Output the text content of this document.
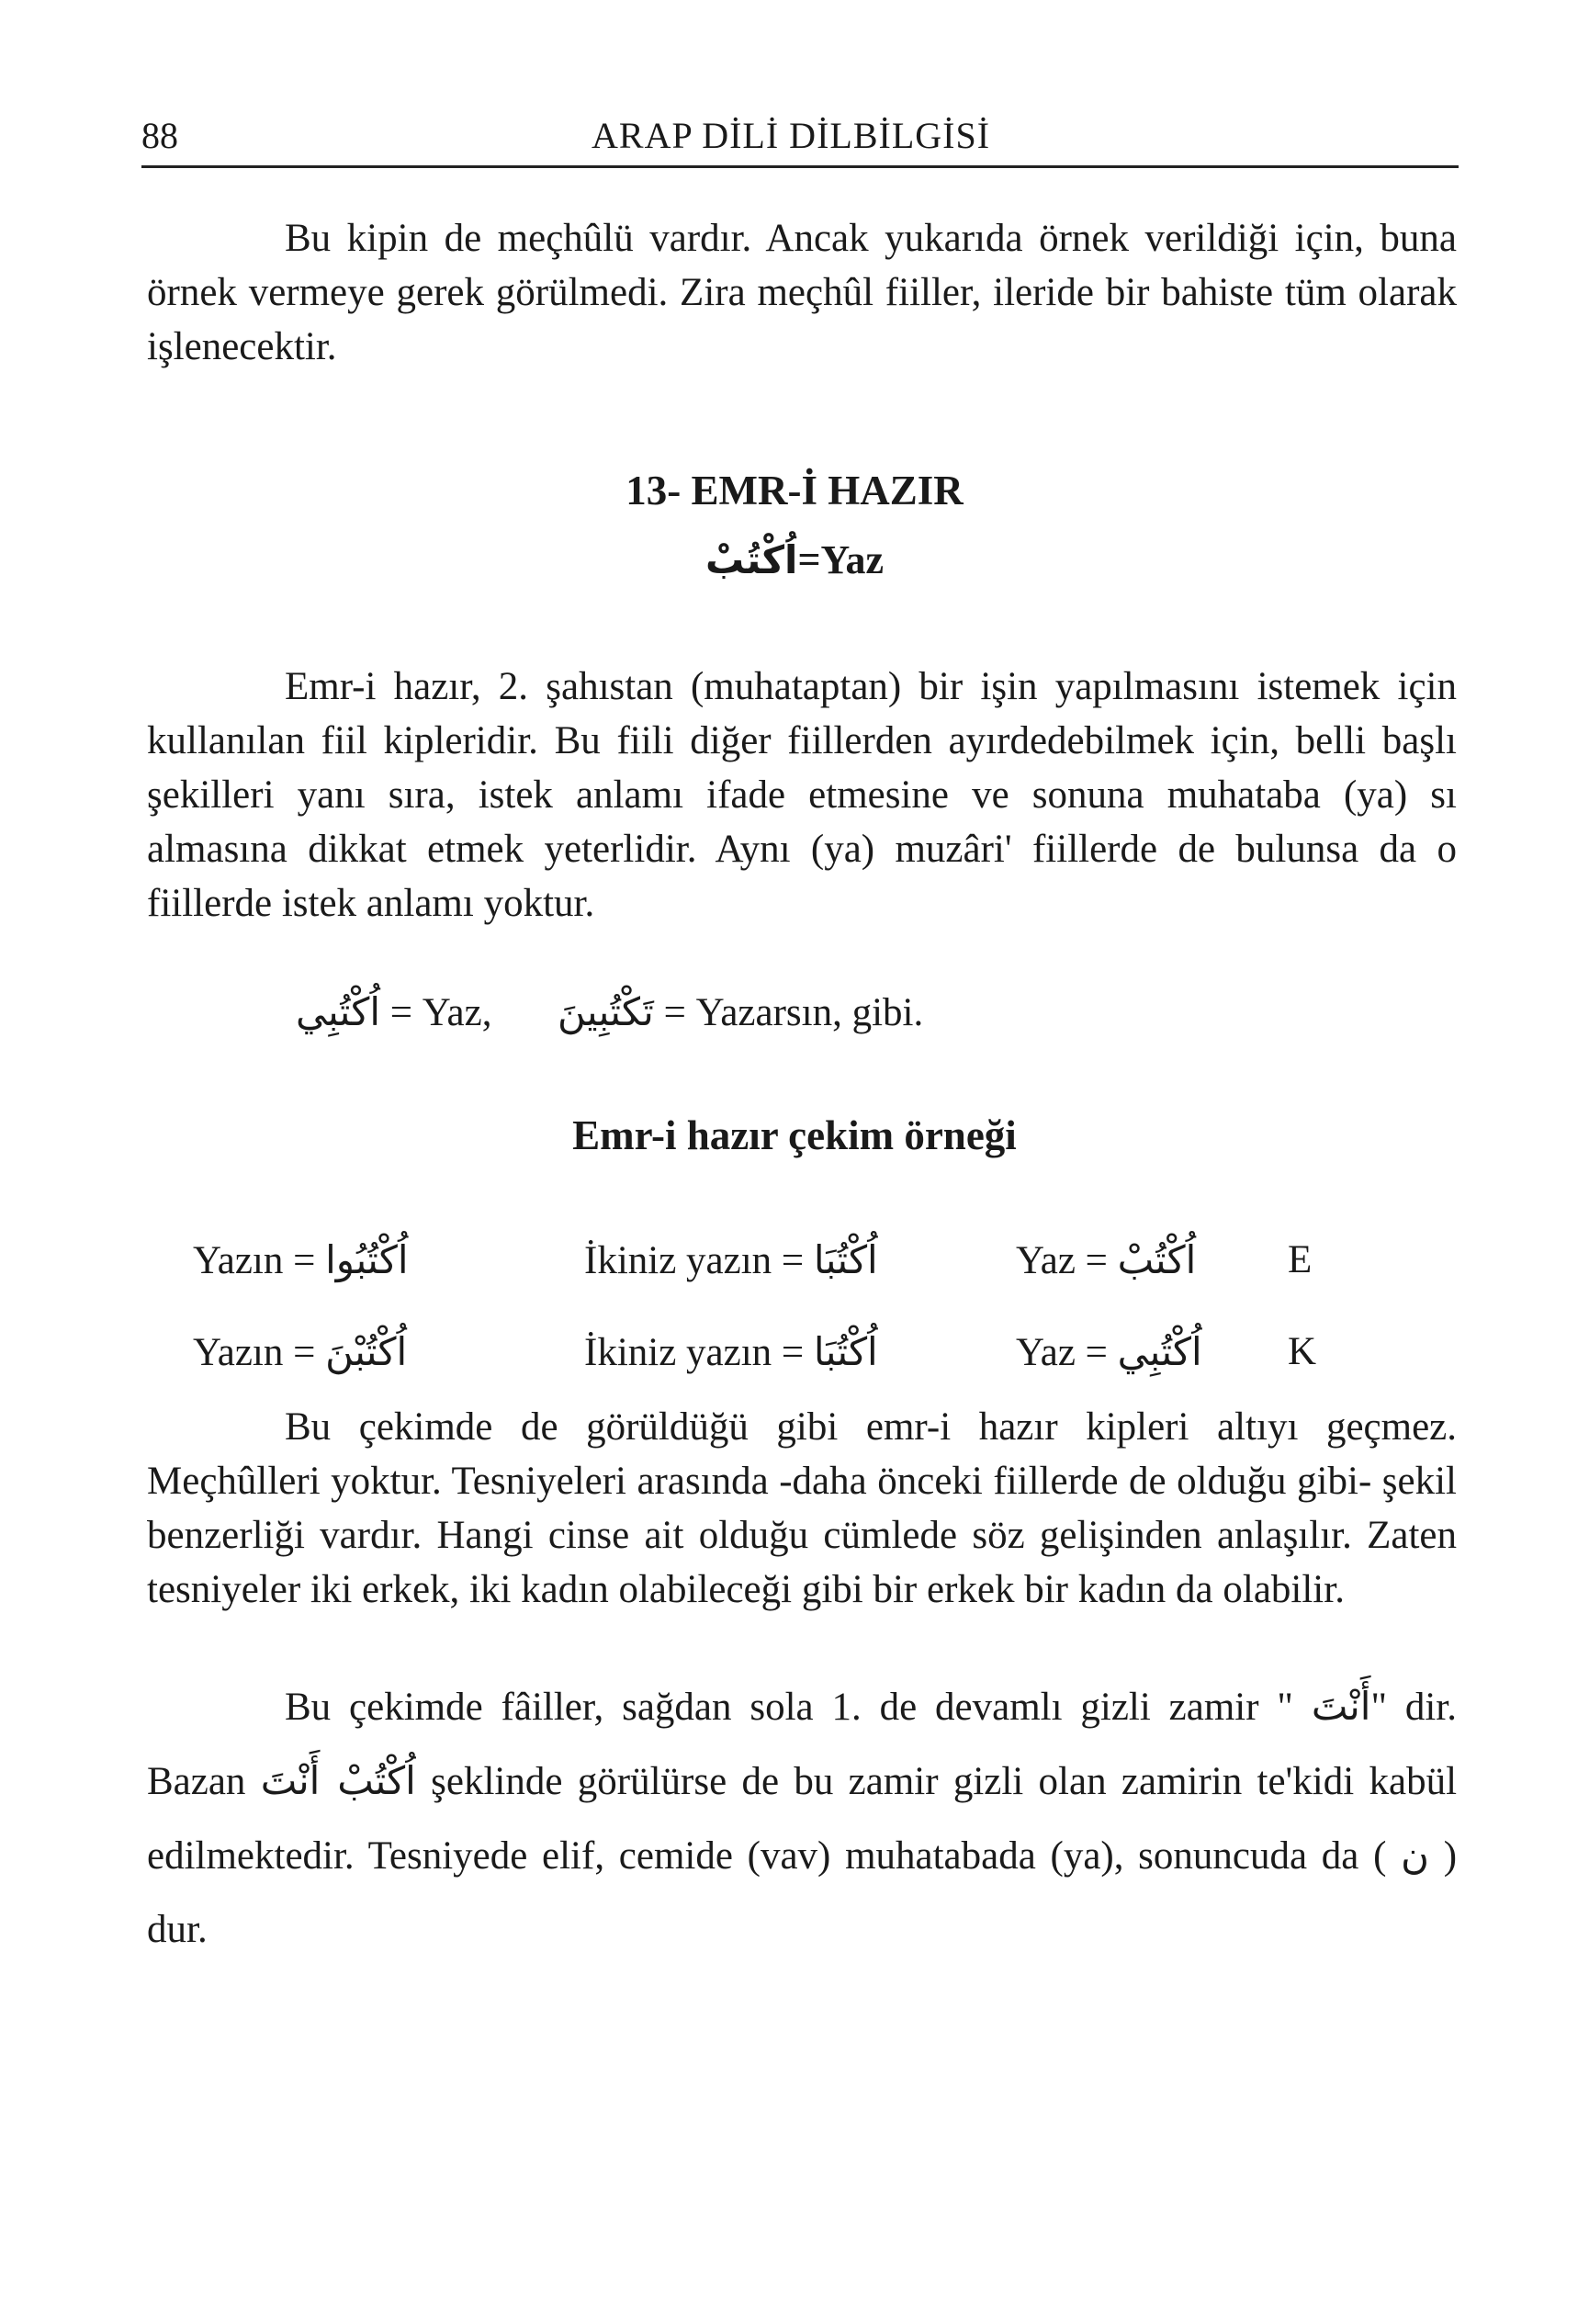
88	ARAP DİLİ DİLBİLGİSİ

Bu kipin de meçhûlü vardır. Ancak yukarıda örnek verildiği için, buna örnek vermeye gerek görülmedi. Zira meçhûl fiiller, ileride bir bahiste tüm olarak işlenecektir.

13- EMR-İ HAZIR
اُكْتُبْ=Yaz

Emr-i hazır, 2. şahıstan (muhataptan) bir işin yapılmasını istemek için kullanılan fiil kipleridir. Bu fiili diğer fiillerden ayırdedebilmek için, belli başlı şekilleri yanı sıra, istek anlamı ifade etmesine ve sonuna muhataba (ya) sı almasına dikkat etmek yeterlidir. Aynı (ya) muzâri' fiillerde de bulunsa da o fiillerde istek anlamı yoktur.

اُكْتُبِي = Yaz, تَكْتُبِينَ = Yazarsın, gibi.
Emr-i hazır çekim örneği
Yazın = اُكْتُبُوا	İkiniz yazın = اُكْتُبَا	Yaz = اُكْتُبْ E
Yazın = اُكْتُبْنَ	İkiniz yazın = اُكْتُبَا	Yaz = اُكْتُبِي K

Bu çekimde de görüldüğü gibi emr-i hazır kipleri altıyı geçmez. Meçhûlleri yoktur. Tesniyeleri arasında -daha önceki fiillerde de olduğu gibi- şekil benzerliği vardır. Hangi cinse ait olduğu cümlede söz gelişinden anlaşılır. Zaten tesniyeler iki erkek, iki kadın olabileceği gibi bir erkek bir kadın da olabilir.

Bu çekimde fâiller, sağdan sola 1. de devamlı gizli zamir " أَنْتَ" dir. Bazan اُكْتُبْ أَنْتَ şeklinde görülürse de bu zamir gizli olan zamirin te'kidi kabül edilmektedir. Tesniyede elif, cemide (vav) muhatabada (ya), sonuncuda da ( ن ) dur.
